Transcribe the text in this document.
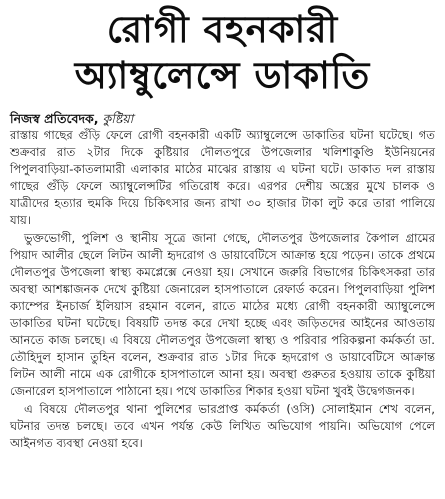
রোগী বহনকারী
অ্যাম্বুলেন্সে ডাকাতি
নিজস্ব প্রতিবেদক, কুষ্টিয়া

রাস্তায় গাছের গুঁড়ি ফেলে রোগী বহনকারী একটি অ্যাম্বুলেন্সে ডাকাতির ঘটনা ঘটেছে। গত শুক্রবার রাত ২টার দিকে কুষ্টিয়ার দৌলতপুরে উপজেলার খলিশাকুণ্ডি ইউনিয়নের পিপুলবাড়িয়া-কাতলামারী এলাকার মাঠের মাঝের রাস্তায় এ ঘটনা ঘটে। ডাকাত দল রাস্তায় গাছের গুঁড়ি ফেলে অ্যাম্বুলেন্সটির গতিরোধ করে। এরপর দেশীয় অস্ত্রের মুখে চালক ও যাত্রীদের হত্যার হুমকি দিয়ে চিকিৎসার জন্য রাখা ৩০ হাজার টাকা লুট করে তারা পালিয়ে যায়।

ভুক্তভোগী, পুলিশ ও স্থানীয় সূত্রে জানা গেছে, দৌলতপুর উপজেলার কৈপাল গ্রামের পিয়াদ আলীর ছেলে লিটন আলী হৃদরোগ ও ডায়াবেটিসে আক্রান্ত হয়ে পড়েন। তাকে প্রথমে দৌলতপুর উপজেলা স্বাস্থ্য কমপ্লেক্সে নেওয়া হয়। সেখানে জরুরি বিভাগের চিকিৎসকরা তার অবস্থা আশঙ্কাজনক দেখে কুষ্টিয়া জেনারেল হাসপাতালে রেফার্ড করেন। পিপুলবাড়িয়া পুলিশ ক্যাম্পের ইনচার্জ ইলিয়াস রহমান বলেন, রাতে মাঠের মধ্যে রোগী বহনকারী অ্যাম্বুলেন্সে ডাকাতির ঘটনা ঘটেছে। বিষয়টি তদন্ত করে দেখা হচ্ছে এবং জড়িতদের আইনের আওতায় আনতে কাজ চলছে। এ বিষয়ে দৌলতপুর উপজেলা স্বাস্থ্য ও পরিবার পরিকল্পনা কর্মকর্তা ডা. তৌহিদুল হাসান তুহিন বলেন, শুক্রবার রাত ১টার দিকে হৃদরোগ ও ডায়াবেটিসে আক্রান্ত লিটন আলী নামে এক রোগীকে হাসপাতালে আনা হয়। অবস্থা গুরুতর হওয়ায় তাকে কুষ্টিয়া জেনারেল হাসপাতালে পাঠানো হয়। পথে ডাকাতির শিকার হওয়া ঘটনা খুবই উদ্বেগজনক।

এ বিষয়ে দৌলতপুর থানা পুলিশের ভারপ্রাপ্ত কর্মকর্তা (ওসি) সোলাইমান শেখ বলেন, ঘটনার তদন্ত চলছে। তবে এখন পর্যন্ত কেউ লিখিত অভিযোগ পায়নি। অভিযোগ পেলে আইনগত ব্যবস্থা নেওয়া হবে।
